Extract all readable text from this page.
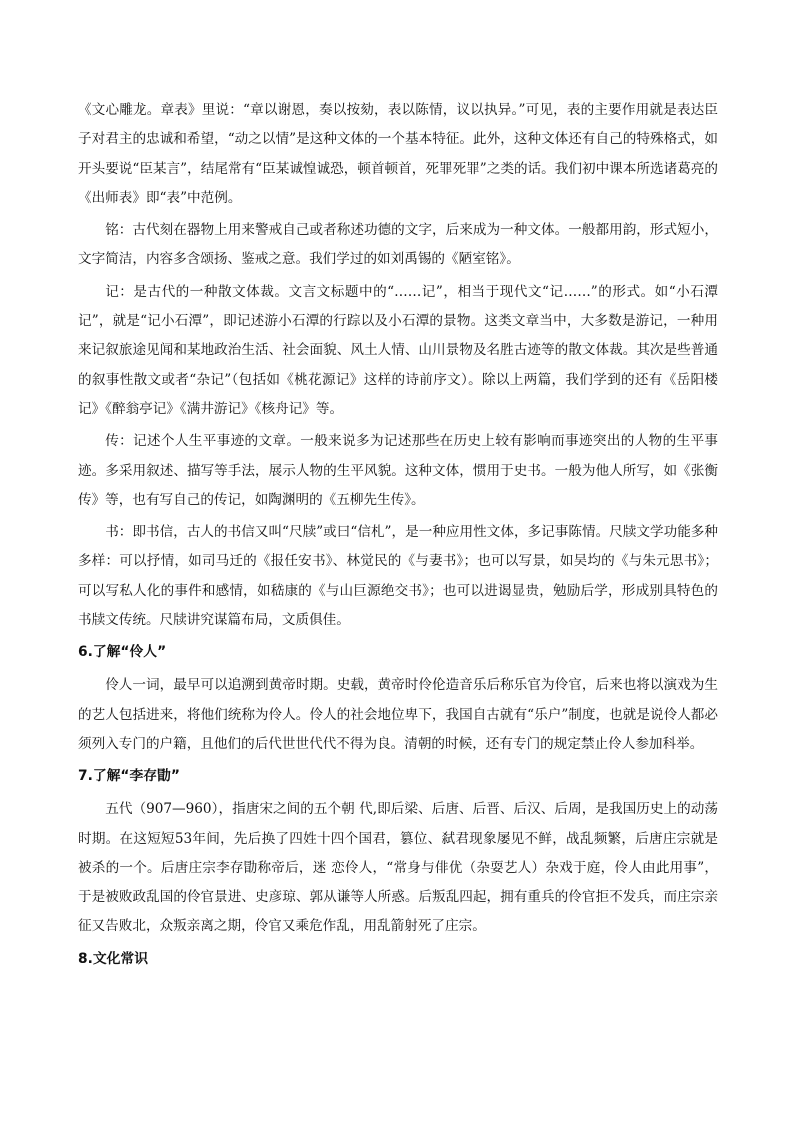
《文心雕龙。章表》里说：“章以谢恩，奏以按劾，表以陈情，议以执异。”可见，表的主要作用就是表达臣子对君主的忠诚和希望，“动之以情”是这种文体的一个基本特征。此外，这种文体还有自己的特殊格式，如开头要说“臣某言”，结尾常有“臣某诚惶诚恐，顿首顿首，死罪死罪”之类的话。我们初中课本所选诸葛亮的《出师表》即“表”中范例。

铭：古代刻在器物上用来警戒自己或者称述功德的文字，后来成为一种文体。一般都用韵，形式短小，文字简洁，内容多含颂扬、鉴戒之意。我们学过的如刘禹锡的《陋室铭》。

记：是古代的一种散文体裁。文言文标题中的“……记”，相当于现代文“记……”的形式。如“小石潭记”，就是“记小石潭”，即记述游小石潭的行踪以及小石潭的景物。这类文章当中，大多数是游记，一种用来记叙旅途见闻和某地政治生活、社会面貌、风土人情、山川景物及名胜古迹等的散文体裁。其次是些普通的叙事性散文或者“杂记”（包括如《桃花源记》这样的诗前序文）。除以上两篇，我们学到的还有《岳阳楼记》《醉翁亭记》《满井游记》《核舟记》等。

传：记述个人生平事迹的文章。一般来说多为记述那些在历史上较有影响而事迹突出的人物的生平事迹。多采用叙述、描写等手法，展示人物的生平风貌。这种文体，惯用于史书。一般为他人所写，如《张衡传》等，也有写自己的传记，如陶渊明的《五柳先生传》。

书：即书信，古人的书信又叫“尺牍”或曰“信札”，是一种应用性文体，多记事陈情。尺牍文学功能多种多样：可以抒情，如司马迁的《报任安书》、林觉民的《与妻书》；也可以写景，如吴均的《与朱元思书》；可以写私人化的事件和感情，如嵇康的《与山巨源绝交书》；也可以进谒显贵，勉励后学，形成别具特色的书牍文传统。尺牍讲究谋篇布局，文质俱佳。

6.了解“伶人”

伶人一词，最早可以追溯到黄帝时期。史载，黄帝时伶伦造音乐后称乐官为伶官，后来也将以演戏为生的艺人包括进来，将他们统称为伶人。伶人的社会地位卑下，我国自古就有“乐户”制度，也就是说伶人都必须列入专门的户籍，且他们的后代世世代代不得为良。清朝的时候，还有专门的规定禁止伶人参加科举。

7.了解“李存勖”

五代（907—960），指唐宋之间的五个朝 代,即后梁、后唐、后晋、后汉、后周，是我国历史上的动荡时期。在这短短53年间，先后换了四姓十四个国君，篡位、弑君现象屡见不鲜，战乱频繁，后唐庄宗就是被杀的一个。后唐庄宗李存勖称帝后，迷 恋伶人，“常身与俳优（杂耍艺人）杂戏于庭，伶人由此用事”，于是被败政乱国的伶官景进、史彦琼、郭从谦等人所惑。后叛乱四起，拥有重兵的伶官拒不发兵，而庄宗亲征又告败北，众叛亲离之期，伶官又乘危作乱，用乱箭射死了庄宗。

8.文化常识
